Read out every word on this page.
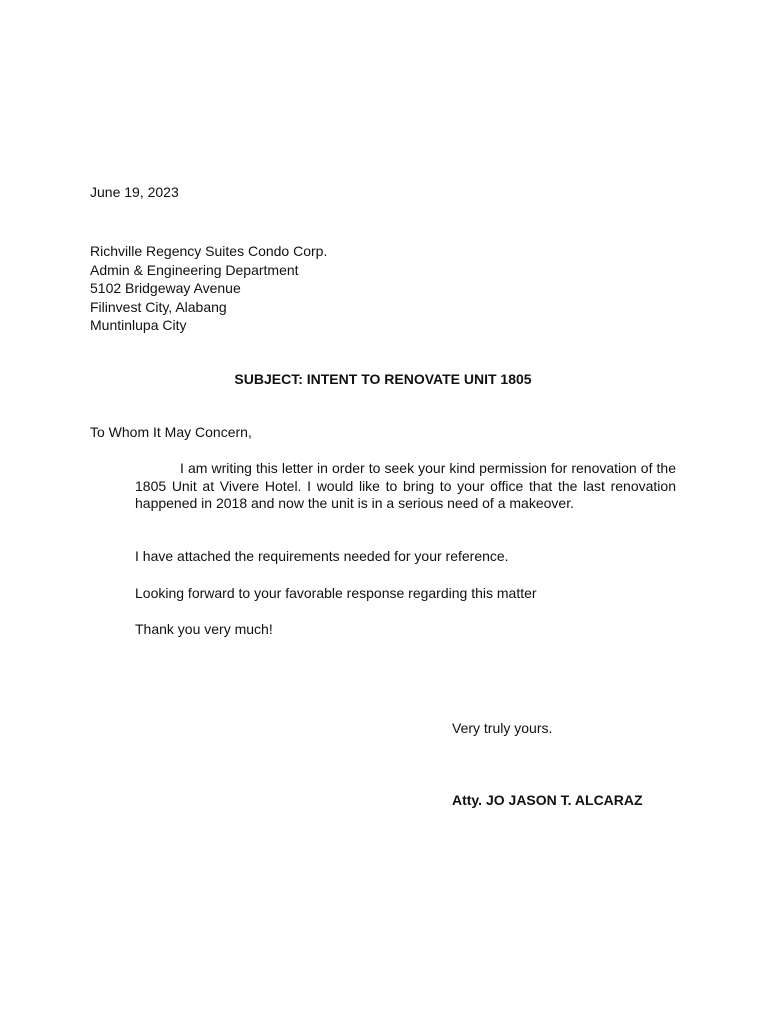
June 19, 2023
Richville Regency Suites Condo Corp.
Admin & Engineering Department
5102 Bridgeway Avenue
Filinvest City, Alabang
Muntinlupa City
SUBJECT: INTENT TO RENOVATE UNIT 1805
To Whom It May Concern,
I am writing this letter in order to seek your kind permission for renovation of the 1805 Unit at Vivere Hotel. I would like to bring to your office that the last renovation happened in 2018 and now the unit is in a serious need of a makeover.
I have attached the requirements needed for your reference.
Looking forward to your favorable response regarding this matter
Thank you very much!
Very truly yours.
Atty. JO JASON T. ALCARAZ
